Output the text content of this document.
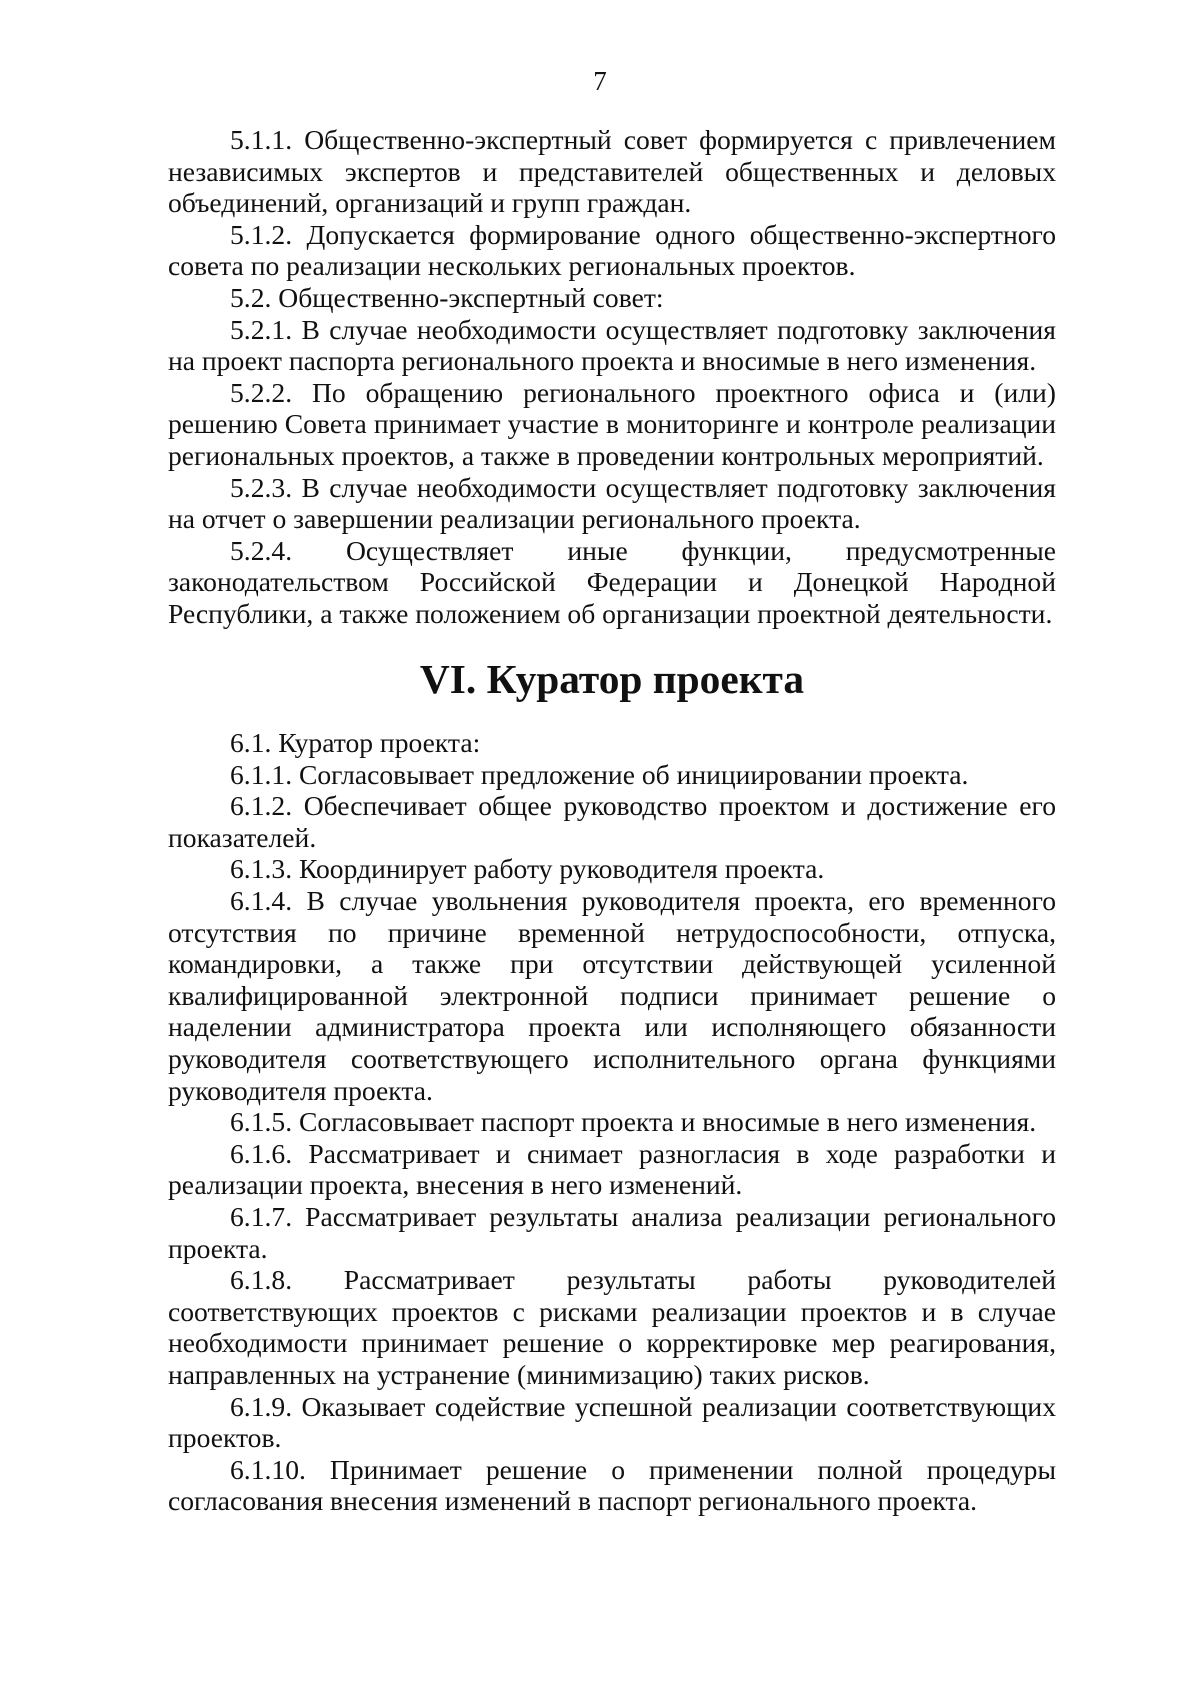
7

5.1.1. Общественно-экспертный совет формируется с привлечением независимых экспертов и представителей общественных и деловых объединений, организаций и групп граждан.

5.1.2. Допускается формирование одного общественно-экспертного совета по реализации нескольких региональных проектов.

5.2. Общественно-экспертный совет:

5.2.1. В случае необходимости осуществляет подготовку заключения на проект паспорта регионального проекта и вносимые в него изменения.

5.2.2. По обращению регионального проектного офиса и (или) решению Совета принимает участие в мониторинге и контроле реализации региональных проектов, а также в проведении контрольных мероприятий.

5.2.3. В случае необходимости осуществляет подготовку заключения на отчет о завершении реализации регионального проекта.

5.2.4. Осуществляет иные функции, предусмотренные законодательством Российской Федерации и Донецкой Народной Республики, а также положением об организации проектной деятельности.

VI. Куратор проекта

6.1. Куратор проекта:

6.1.1. Согласовывает предложение об инициировании проекта.

6.1.2. Обеспечивает общее руководство проектом и достижение его показателей.

6.1.3. Координирует работу руководителя проекта.

6.1.4. В случае увольнения руководителя проекта, его временного отсутствия по причине временной нетрудоспособности, отпуска, командировки, а также при отсутствии действующей усиленной квалифицированной электронной подписи принимает решение о наделении администратора проекта или исполняющего обязанности руководителя соответствующего исполнительного органа функциями руководителя проекта.

6.1.5. Согласовывает паспорт проекта и вносимые в него изменения.

6.1.6. Рассматривает и снимает разногласия в ходе разработки и реализации проекта, внесения в него изменений.

6.1.7. Рассматривает результаты анализа реализации регионального проекта.

6.1.8. Рассматривает результаты работы руководителей соответствующих проектов с рисками реализации проектов и в случае необходимости принимает решение о корректировке мер реагирования, направленных на устранение (минимизацию) таких рисков.

6.1.9. Оказывает содействие успешной реализации соответствующих проектов.

6.1.10. Принимает решение о применении полной процедуры согласования внесения изменений в паспорт регионального проекта.
